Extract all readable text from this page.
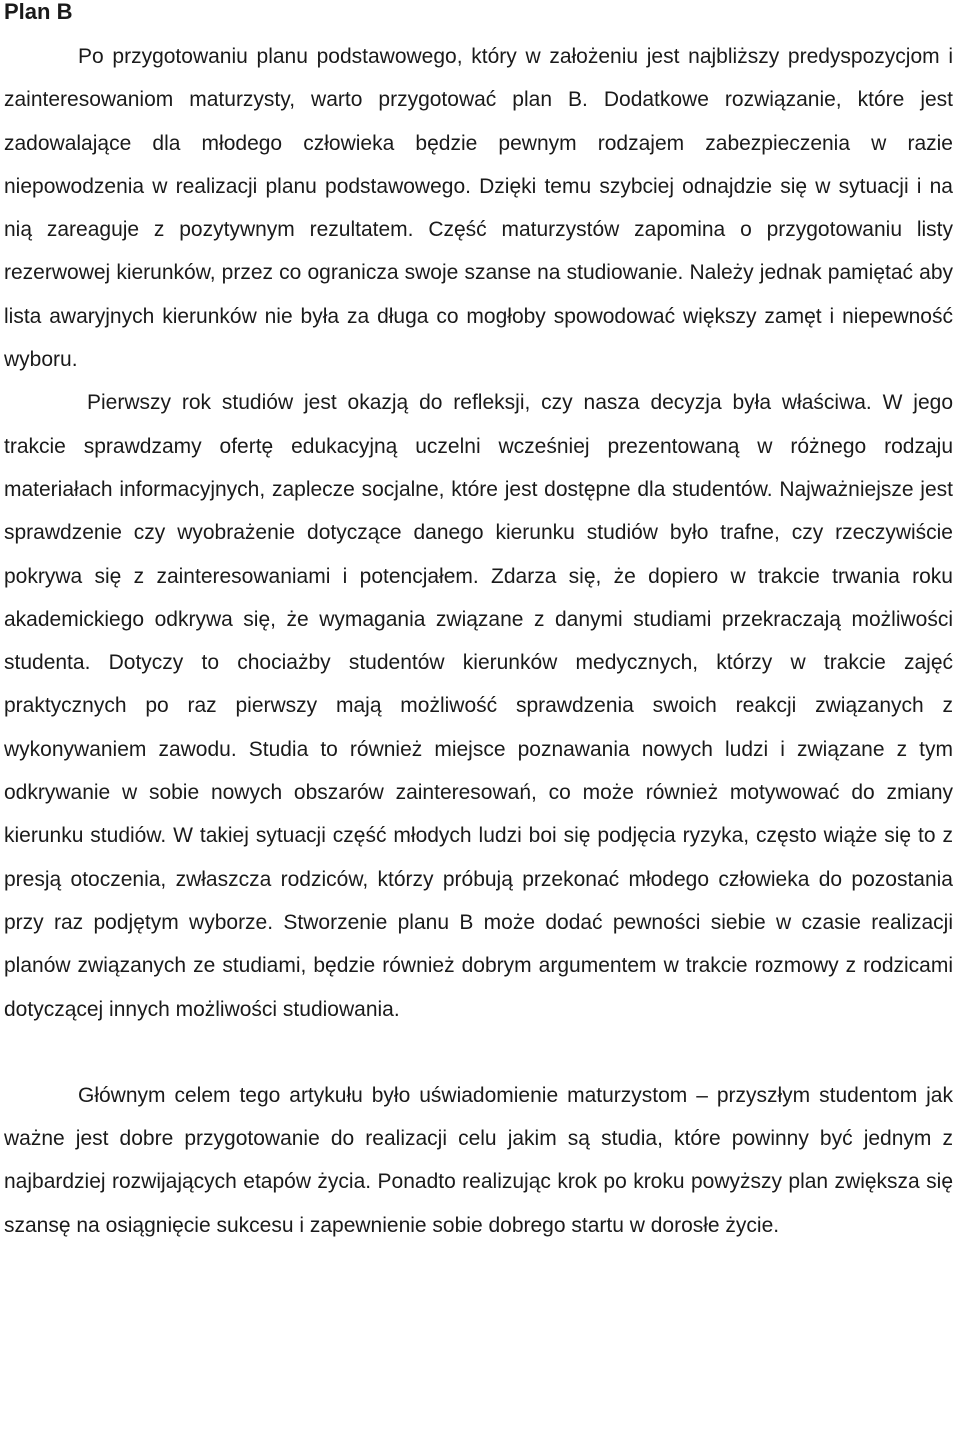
Plan B

Po przygotowaniu planu podstawowego, który w założeniu jest najbliższy predyspozycjom i zainteresowaniom maturzysty, warto przygotować plan B. Dodatkowe rozwiązanie, które jest zadowalające dla młodego człowieka będzie pewnym rodzajem zabezpieczenia w razie niepowodzenia w realizacji planu podstawowego. Dzięki temu szybciej odnajdzie się w sytuacji i na nią zareaguje z pozytywnym rezultatem. Część maturzystów zapomina o przygotowaniu listy rezerwowej kierunków, przez co ogranicza swoje szanse na studiowanie. Należy jednak pamiętać aby lista awaryjnych kierunków nie była za długa co mogłoby spowodować większy zamęt i niepewność wyboru.

Pierwszy rok studiów jest okazją do refleksji, czy nasza decyzja była właściwa. W jego trakcie sprawdzamy ofertę edukacyjną uczelni wcześniej prezentowaną w różnego rodzaju materiałach informacyjnych, zaplecze socjalne, które jest dostępne dla studentów. Najważniejsze jest sprawdzenie czy wyobrażenie dotyczące danego kierunku studiów było trafne, czy rzeczywiście pokrywa się z zainteresowaniami i potencjałem. Zdarza się, że dopiero w trakcie trwania roku akademickiego odkrywa się, że wymagania związane z danymi studiami przekraczają możliwości studenta. Dotyczy to chociażby studentów kierunków medycznych, którzy w trakcie zajęć praktycznych po raz pierwszy mają możliwość sprawdzenia swoich reakcji związanych z wykonywaniem zawodu. Studia to również miejsce poznawania nowych ludzi i związane z tym odkrywanie w sobie nowych obszarów zainteresowań, co może również motywować do zmiany kierunku studiów. W takiej sytuacji część młodych ludzi boi się podjęcia ryzyka, często wiąże się to z presją otoczenia, zwłaszcza rodziców, którzy próbują przekonać młodego człowieka do pozostania przy raz podjętym wyborze. Stworzenie planu B może dodać pewności siebie w czasie realizacji planów związanych ze studiami, będzie również dobrym argumentem w trakcie rozmowy z rodzicami dotyczącej innych możliwości studiowania.

Głównym celem tego artykułu było uświadomienie maturzystom – przyszłym studentom jak ważne jest dobre przygotowanie do realizacji celu jakim są studia, które powinny być jednym z najbardziej rozwijających etapów życia. Ponadto realizując krok po kroku powyższy plan zwiększa się szansę na osiągnięcie sukcesu i zapewnienie sobie dobrego startu w dorosłe życie.
